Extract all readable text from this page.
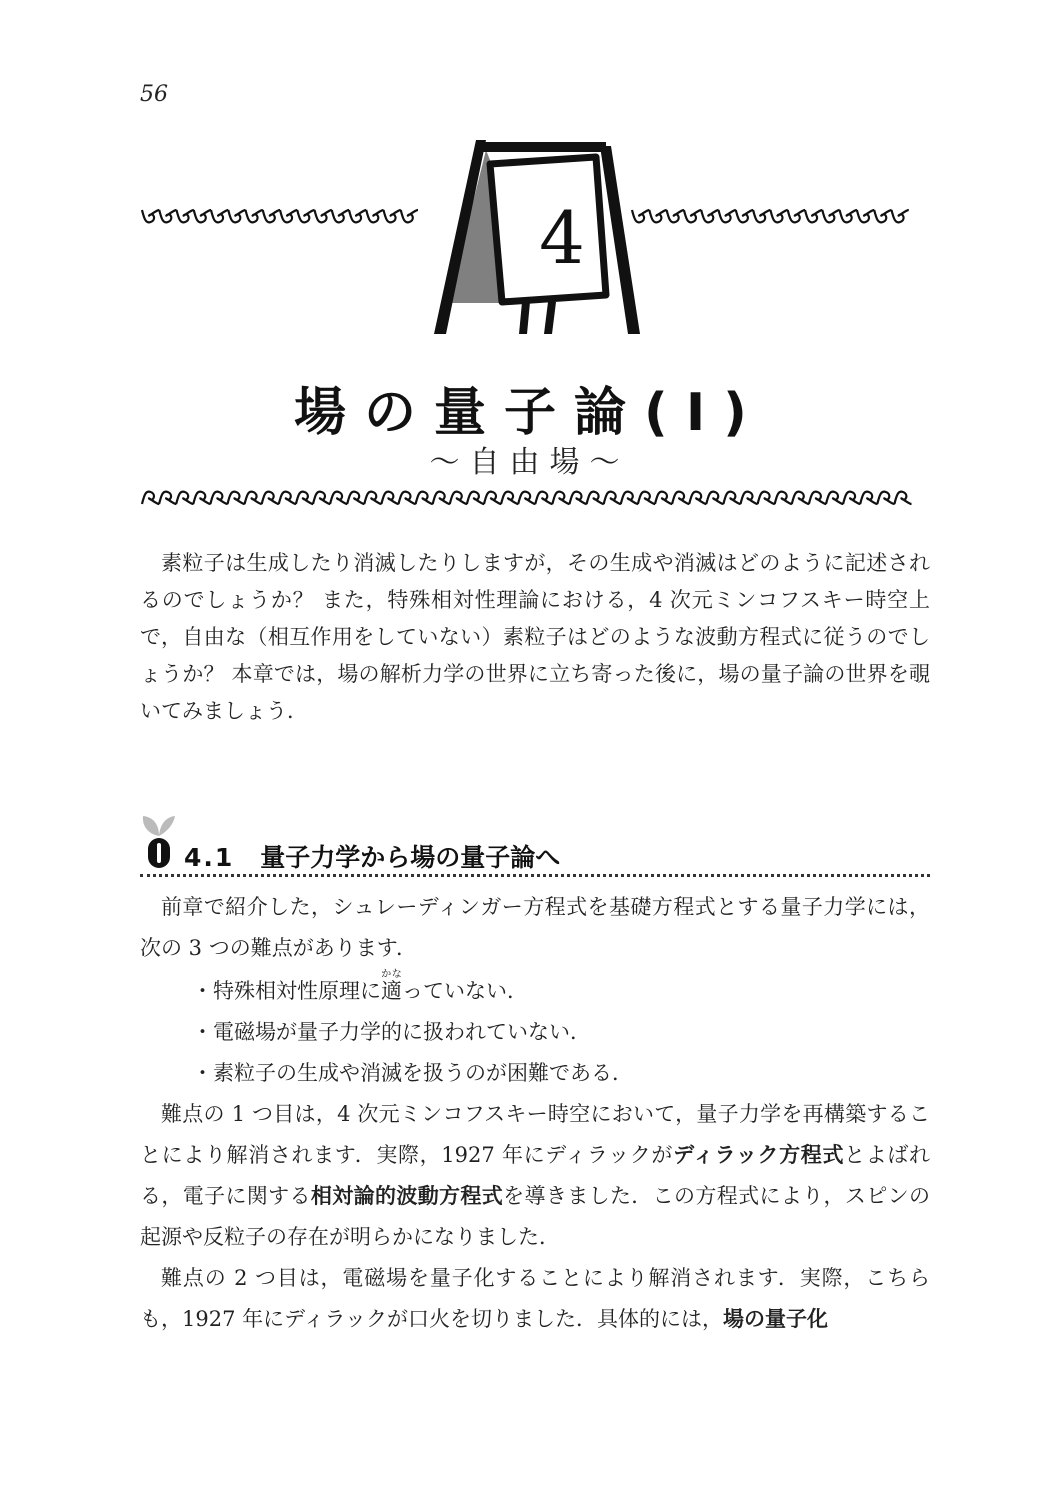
56
4
場の量子論(I)
〜自由場〜

素粒子は生成したり消滅したりしますが，その生成や消滅はどのように記述されるのでしょうか？ また，特殊相対性理論における，4 次元ミンコフスキー時空上で，自由な（相互作用をしていない）素粒子はどのような波動方程式に従うのでしょうか？ 本章では，場の解析力学の世界に立ち寄った後に，場の量子論の世界を覗いてみましょう．

4.1 量子力学から場の量子論へ

前章で紹介した，シュレーディンガー方程式を基礎方程式とする量子力学には，次の 3 つの難点があります．

・特殊相対性原理に適かなっていない．

・電磁場が量子力学的に扱われていない．

・素粒子の生成や消滅を扱うのが困難である．

難点の 1 つ目は，4 次元ミンコフスキー時空において，量子力学を再構築することにより解消されます．実際，1927 年にディラックがディラック方程式とよばれる，電子に関する相対論的波動方程式を導きました．この方程式により，スピンの起源や反粒子の存在が明らかになりました．

難点の 2 つ目は，電磁場を量子化することにより解消されます．実際，こちらも，1927 年にディラックが口火を切りました．具体的には，場の量子化
